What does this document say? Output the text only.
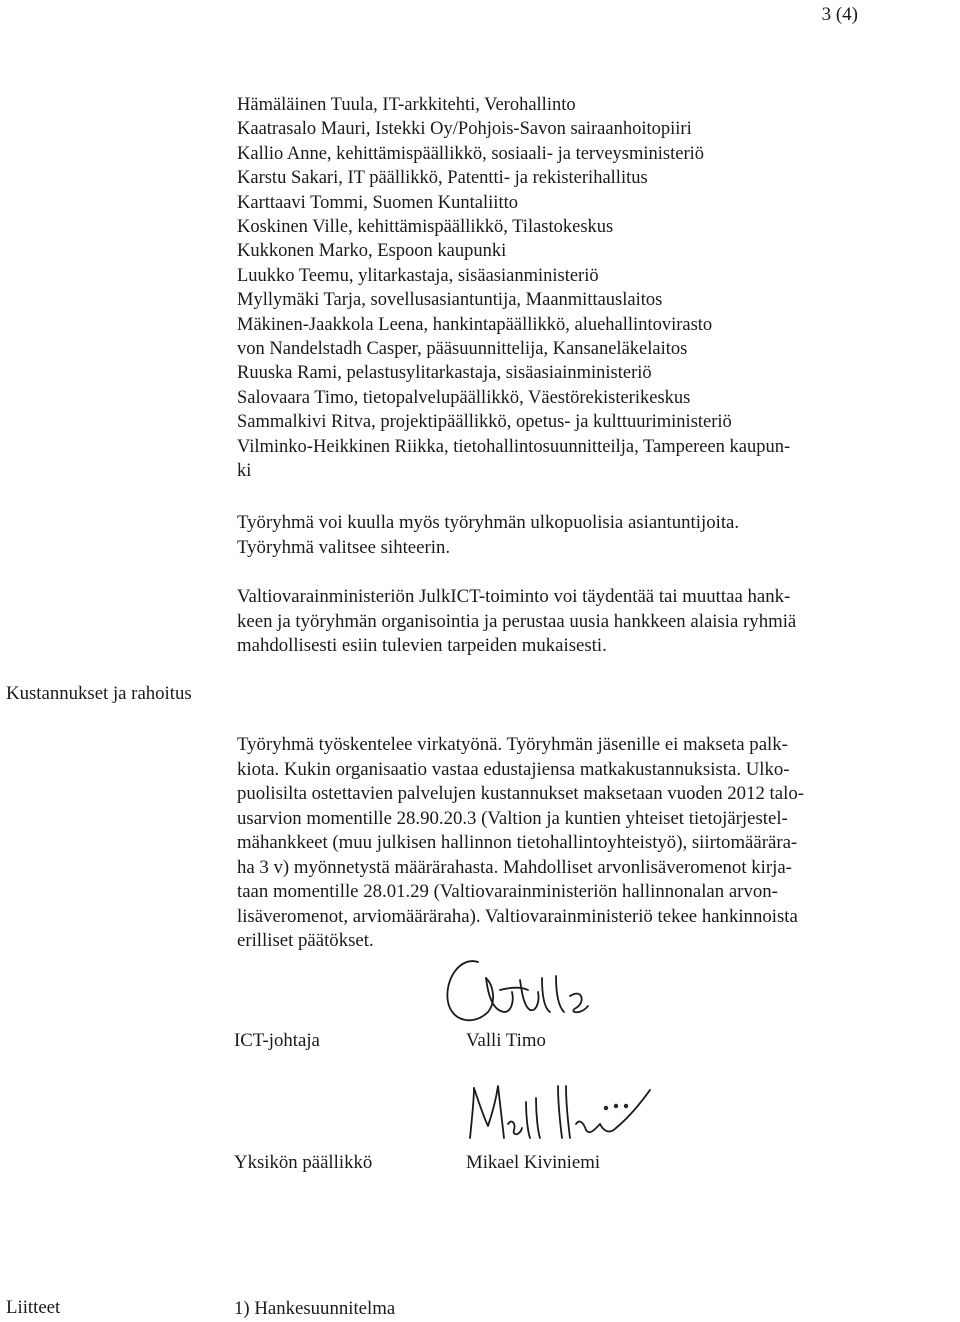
3 (4)
Hämäläinen Tuula, IT-arkkitehti, Verohallinto
Kaatrasalo Mauri, Istekki Oy/Pohjois-Savon sairaanhoitopiiri
Kallio Anne, kehittämispäällikkö, sosiaali- ja terveysministeriö
Karstu Sakari, IT päällikkö, Patentti- ja rekisterihallitus
Karttaavi Tommi, Suomen Kuntaliitto
Koskinen Ville, kehittämispäällikkö, Tilastokeskus
Kukkonen Marko, Espoon kaupunki
Luukko Teemu, ylitarkastaja, sisäasianministeriö
Myllymäki Tarja, sovellusasiantuntija, Maanmittauslaitos
Mäkinen-Jaakkola Leena, hankintapäällikkö, aluehallintovirasto
von Nandelstadh Casper, pääsuunnittelija, Kansaneläkelaitos
Ruuska Rami, pelastusylitarkastaja, sisäasiainministeriö
Salovaara Timo, tietopalvelupäällikkö, Väestörekisterikeskus
Sammalkivi Ritva, projektipäällikkö, opetus- ja kulttuuriministeriö
Vilminko-Heikkinen Riikka, tietohallintosuunnitteilja, Tampereen kaupun-
ki
Työryhmä voi kuulla myös työryhmän ulkopuolisia asiantuntijoita.
Työryhmä valitsee sihteerin.
Valtiovarainministeriön JulkICT-toiminto voi täydentää tai muuttaa hank-
keen ja työryhmän organisointia ja perustaa uusia hankkeen alaisia ryhmiä
mahdollisesti esiin tulevien tarpeiden mukaisesti.
Kustannukset ja rahoitus
Työryhmä työskentelee virkatyönä. Työryhmän jäsenille ei makseta palk-
kiota. Kukin organisaatio vastaa edustajiensa matkakustannuksista. Ulko-
puolisilta ostettavien palvelujen kustannukset maksetaan vuoden 2012 talo-
usarvion momentille 28.90.20.3 (Valtion ja kuntien yhteiset tietojärjestel-
mähankkeet (muu julkisen hallinnon tietohallintoyhteistyö), siirtomäärära-
ha 3 v) myönnetystä määrärahasta. Mahdolliset arvonlisäveromenot kirja-
taan momentille 28.01.29 (Valtiovarainministeriön hallinnonalan arvon-
lisäveromenot, arviomääräraha). Valtiovarainministeriö tekee hankinnoista
erilliset päätökset.
ICT-johtaja	Valli Timo
Yksikön päällikkö	Mikael Kiviniemi
Liitteet	1) Hankesuunnitelma
